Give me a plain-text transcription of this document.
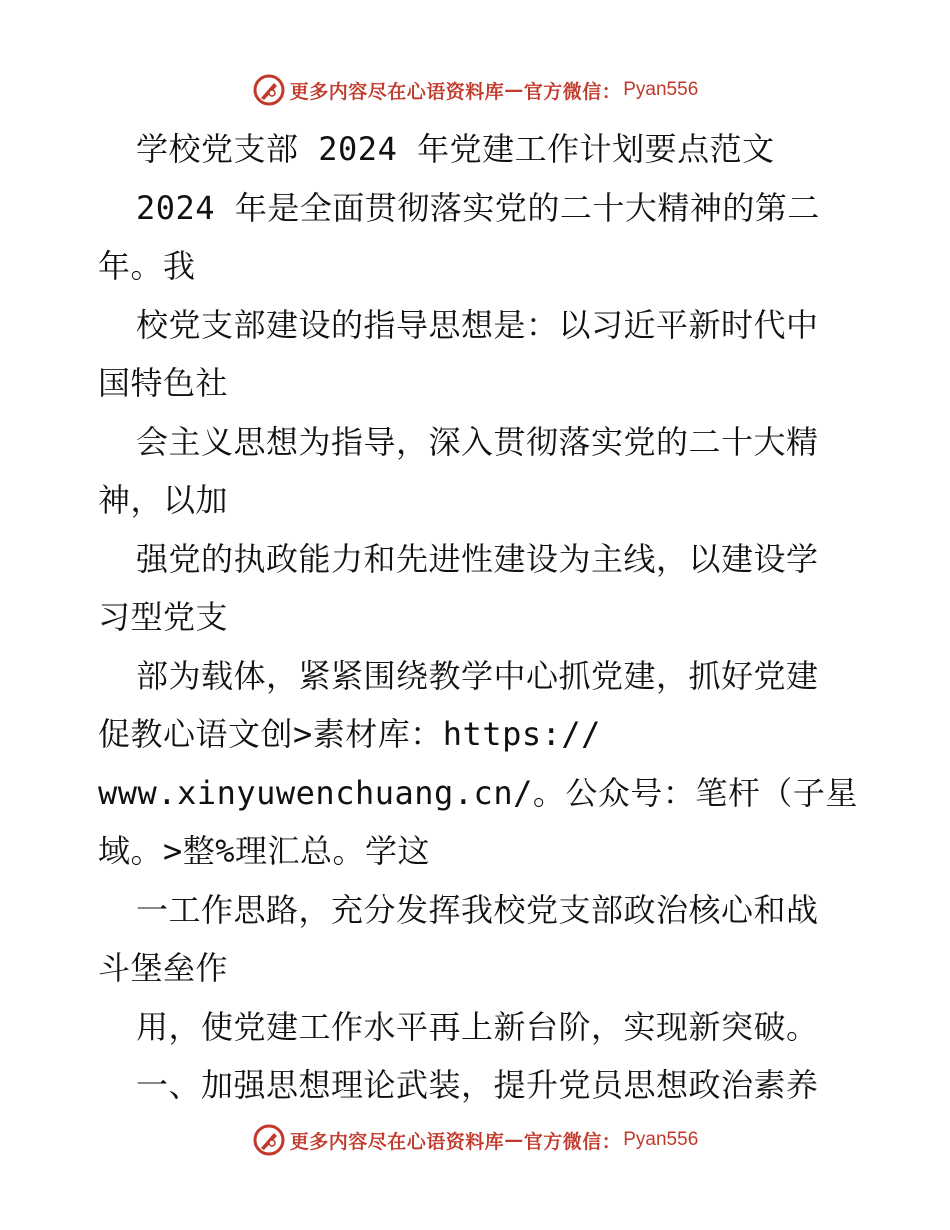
更多内容尽在心语资料库 — 官方微信： Pyan556
学校党支部 2024 年党建工作计划要点范文
2024 年是全面贯彻落实党的二十大精神的第二
年。我
校党支部建设的指导思想是：以习近平新时代中
国特色社
会主义思想为指导，深入贯彻落实党的二十大精
神，以加
强党的执政能力和先进性建设为主线，以建设学
习型党支
部为载体，紧紧围绕教学中心抓党建，抓好党建
促教心语文创>素材库：https://
www.xinyuwenchuang.cn/。公众号：笔杆（子星
域。>整%理汇总。学这
一工作思路，充分发挥我校党支部政治核心和战
斗堡垒作
用，使党建工作水平再上新台阶，实现新突破。
一、加强思想理论武装，提升党员思想政治素养
更多内容尽在心语资料库 — 官方微信： Pyan556
